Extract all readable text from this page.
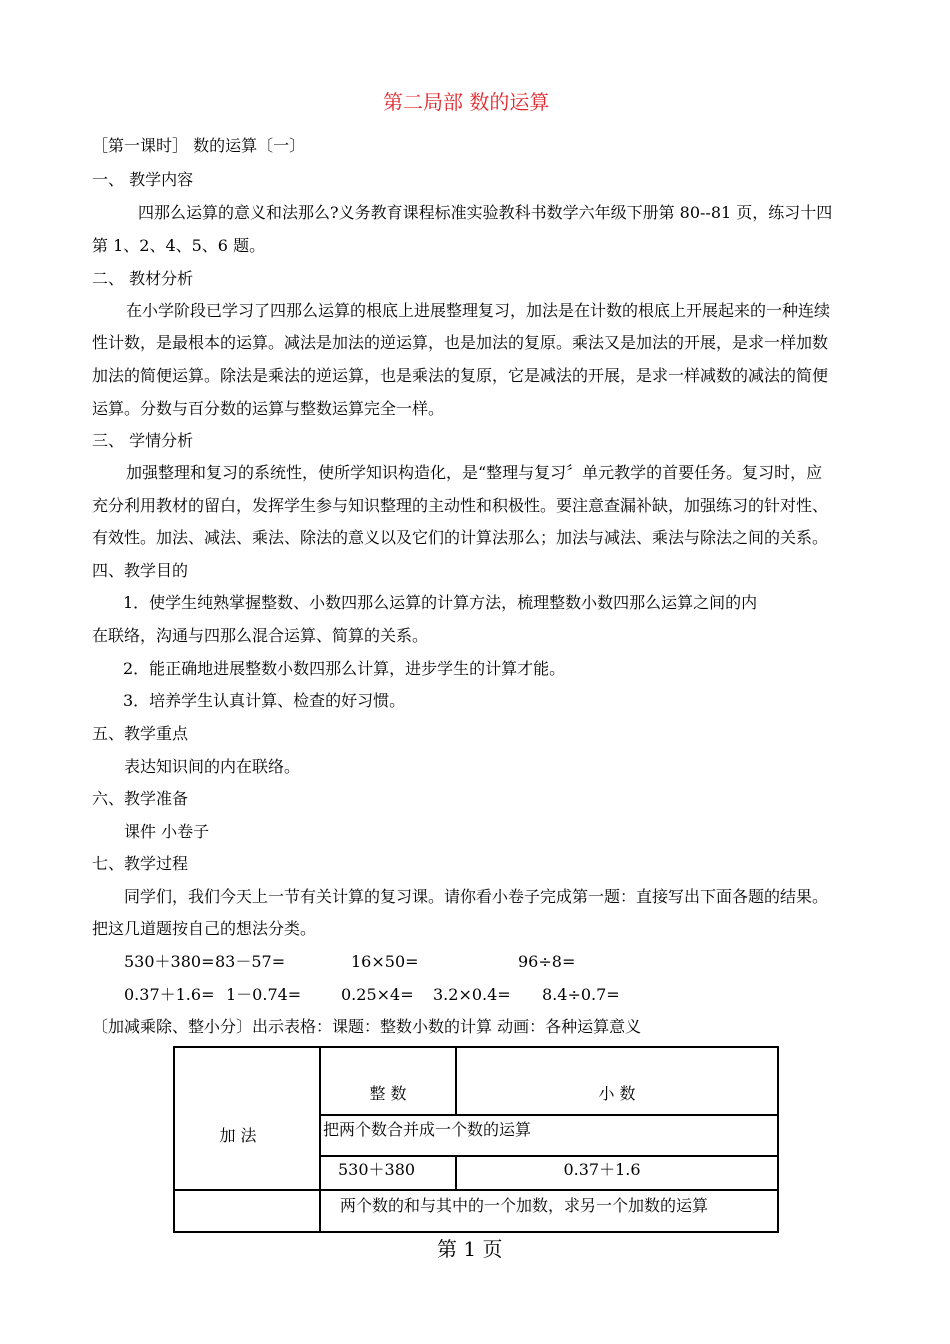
第二局部 数的运算
［第一课时］ 数的运算〔一〕
一、 教学内容
四那么运算的意义和法那么?义务教育课程标准实验教科书数学六年级下册第 80--81 页，练习十四
第 1、2、4、5、6 题。
二、 教材分析
在小学阶段已学习了四那么运算的根底上进展整理复习，加法是在计数的根底上开展起来的一种连续
性计数，是最根本的运算。减法是加法的逆运算，也是加法的复原。乘法又是加法的开展，是求一样加数
加法的简便运算。除法是乘法的逆运算，也是乘法的复原，它是减法的开展，是求一样减数的减法的简便
运算。分数与百分数的运算与整数运算完全一样。
三、 学情分析
加强整理和复习的系统性，使所学知识构造化，是“整理与复习〞单元教学的首要任务。复习时，应
充分利用教材的留白，发挥学生参与知识整理的主动性和积极性。要注意查漏补缺，加强练习的针对性、
有效性。加法、减法、乘法、除法的意义以及它们的计算法那么；加法与减法、乘法与除法之间的关系。
四、教学目的
1．使学生纯熟掌握整数、小数四那么运算的计算方法，梳理整数小数四那么运算之间的内
在联络，沟通与四那么混合运算、简算的关系。
2．能正确地进展整数小数四那么计算，进步学生的计算才能。
3．培养学生认真计算、检查的好习惯。
五、教学重点
表达知识间的内在联络。
六、教学准备
课件 小卷子
七、教学过程
同学们，我们今天上一节有关计算的复习课。请你看小卷子完成第一题：直接写出下面各题的结果。
把这几道题按自己的想法分类。
530＋380= 83－57=	16×50=	96÷8=
0.37＋1.6= 1－0.74= 0.25×4= 3.2×0.4= 8.4÷0.7=
〔加减乘除、整小分〕出示表格：课题：整数小数的计算 动画：各种运算意义
整 数	小 数
加 法	把两个数合并成一个数的运算
530＋380	0.37＋1.6
两个数的和与其中的一个加数，求另一个加数的运算
第 1 页
